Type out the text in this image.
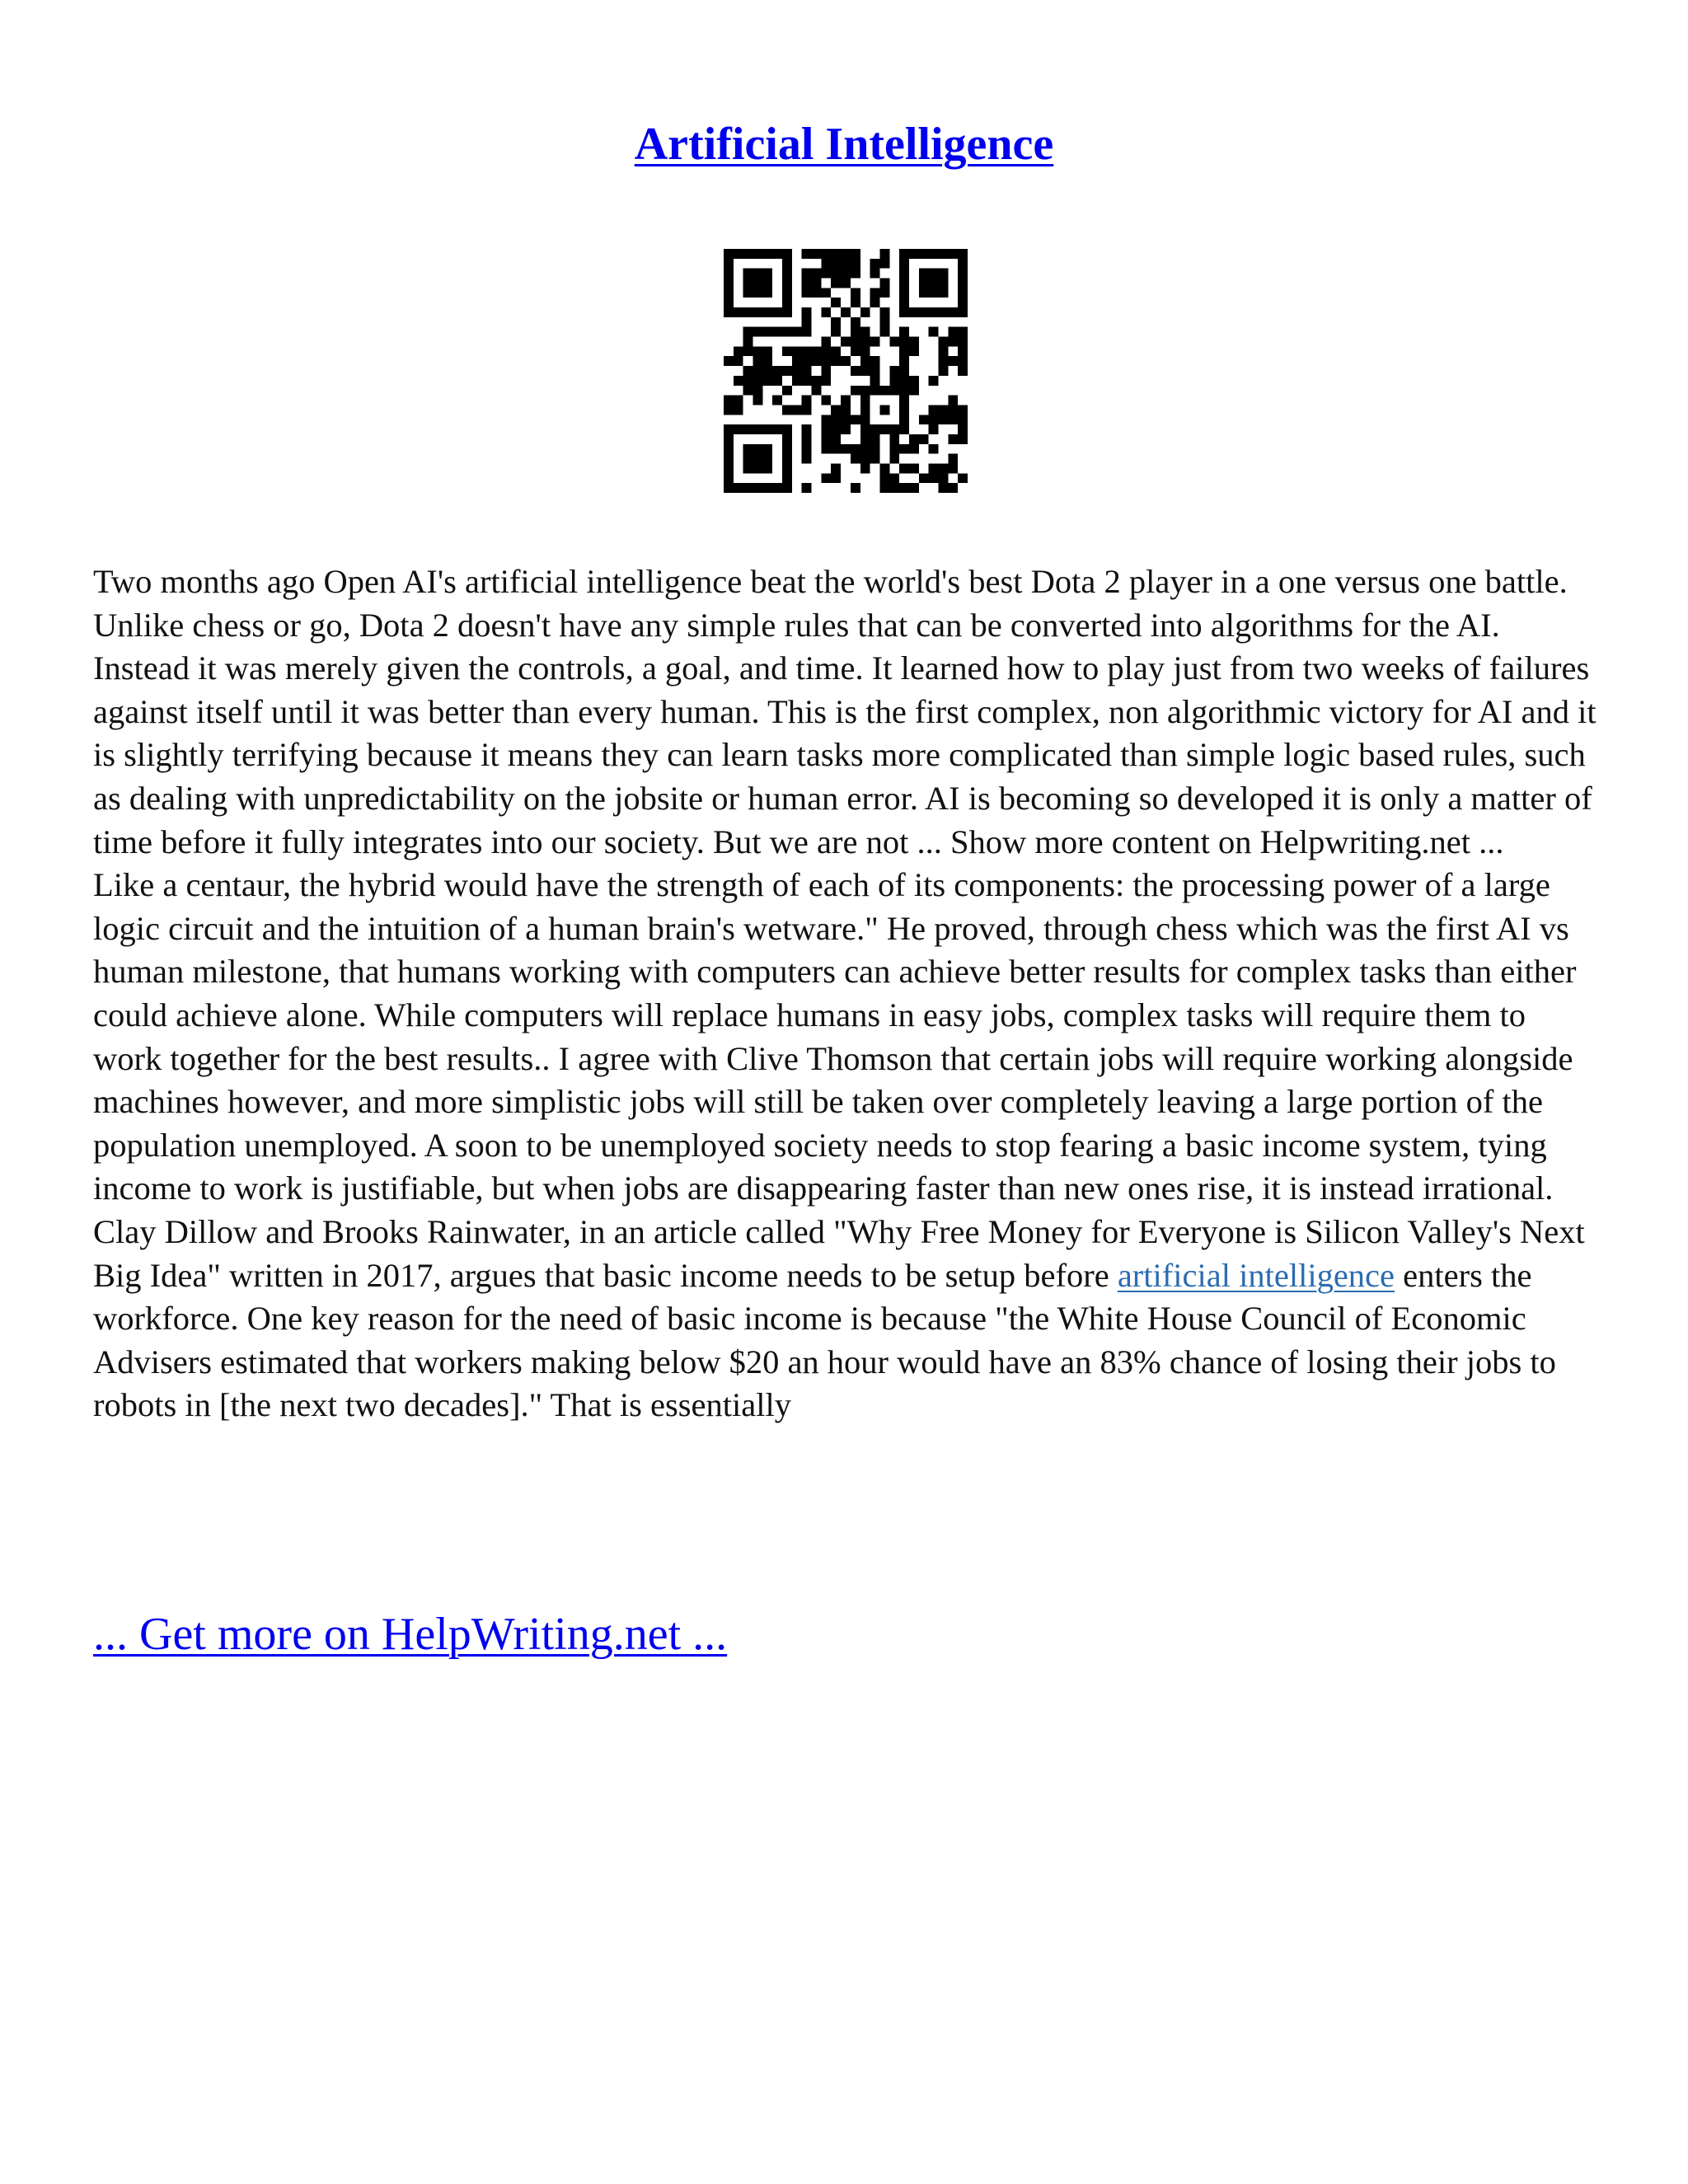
Artificial Intelligence

Two months ago Open AI's artificial intelligence beat the world's best Dota 2 player in a one versus one battle. Unlike chess or go, Dota 2 doesn't have any simple rules that can be converted into algorithms for the AI. Instead it was merely given the controls, a goal, and time. It learned how to play just from two weeks of failures against itself until it was better than every human. This is the first complex, non algorithmic victory for AI and it is slightly terrifying because it means they can learn tasks more complicated than simple logic based rules, such as dealing with unpredictability on the jobsite or human error. AI is becoming so developed it is only a matter of time before it fully integrates into our society. But we are not ... Show more content on Helpwriting.net ...

Like a centaur, the hybrid would have the strength of each of its components: the processing power of a large logic circuit and the intuition of a human brain's wetware." He proved, through chess which was the first AI vs human milestone, that humans working with computers can achieve better results for complex tasks than either could achieve alone. While computers will replace humans in easy jobs, complex tasks will require them to work together for the best results.. I agree with Clive Thomson that certain jobs will require working alongside machines however, and more simplistic jobs will still be taken over completely leaving a large portion of the population unemployed. A soon to be unemployed society needs to stop fearing a basic income system, tying income to work is justifiable, but when jobs are disappearing faster than new ones rise, it is instead irrational. Clay Dillow and Brooks Rainwater, in an article called "Why Free Money for Everyone is Silicon Valley's Next Big Idea" written in 2017, argues that basic income needs to be setup before artificial intelligence enters the workforce. One key reason for the need of basic income is because "the White House Council of Economic Advisers estimated that workers making below $20 an hour would have an 83% chance of losing their jobs to robots in [the next two decades]." That is essentially

... Get more on HelpWriting.net ...
